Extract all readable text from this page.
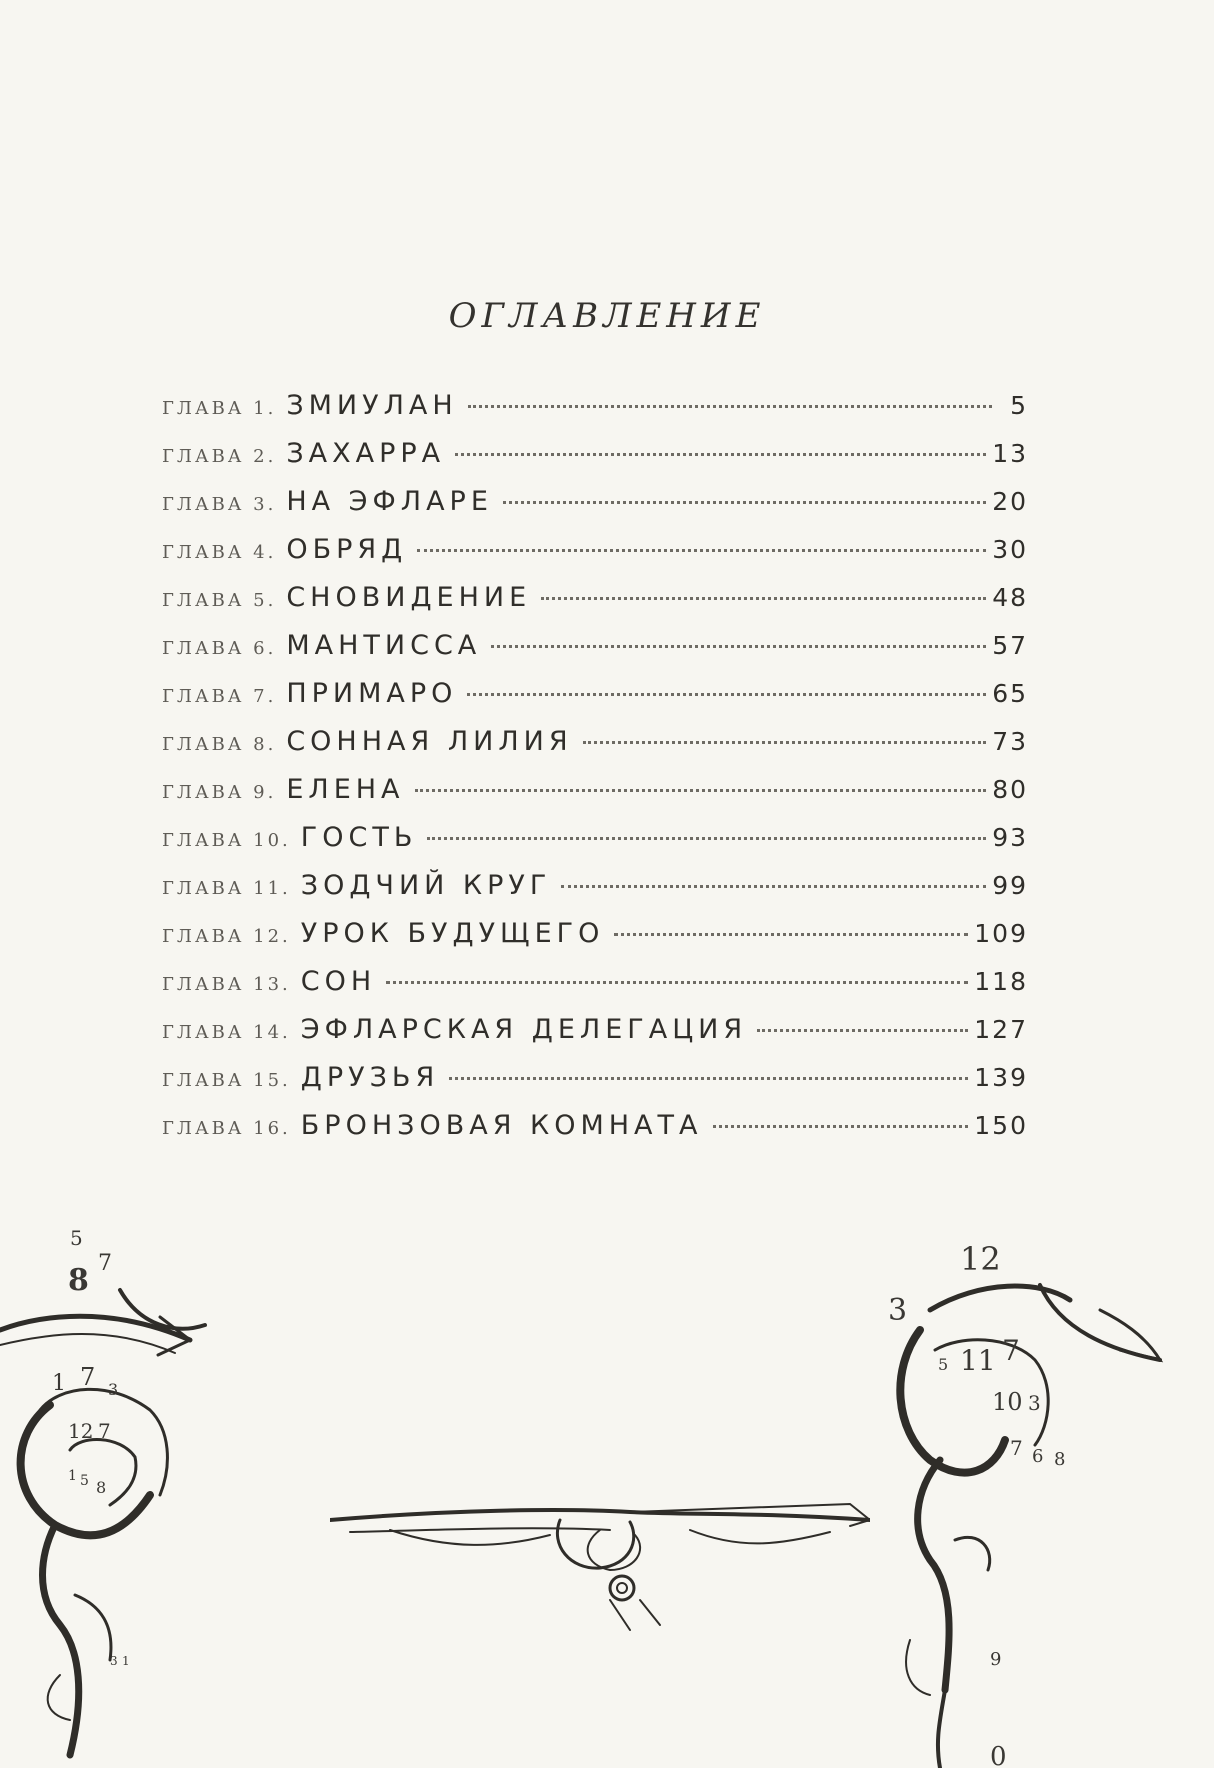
ОГЛАВЛЕНИЕ
ГЛАВА 1. ЗМИУЛАН	5
ГЛАВА 2. ЗАХАРРА	13
ГЛАВА 3. НА ЭФЛАРЕ	20
ГЛАВА 4. ОБРЯД	30
ГЛАВА 5. СНОВИДЕНИЕ	48
ГЛАВА 6. МАНТИССА	57
ГЛАВА 7. ПРИМАРО	65
ГЛАВА 8. СОННАЯ ЛИЛИЯ	73
ГЛАВА 9. ЕЛЕНА	80
ГЛАВА 10. ГОСТЬ	93
ГЛАВА 11. ЗОДЧИЙ КРУГ	99
ГЛАВА 12. УРОК БУДУЩЕГО	109
ГЛАВА 13. СОН	118
ГЛАВА 14. ЭФЛАРСКАЯ ДЕЛЕГАЦИЯ	127
ГЛАВА 15. ДРУЗЬЯ	139
ГЛАВА 16. БРОНЗОВАЯ КОМНАТА	150
5
8 7
1 7 3
12 7
1 5 8
3 1
12
3
5 11 7
10 3
7 6 8
9
0
